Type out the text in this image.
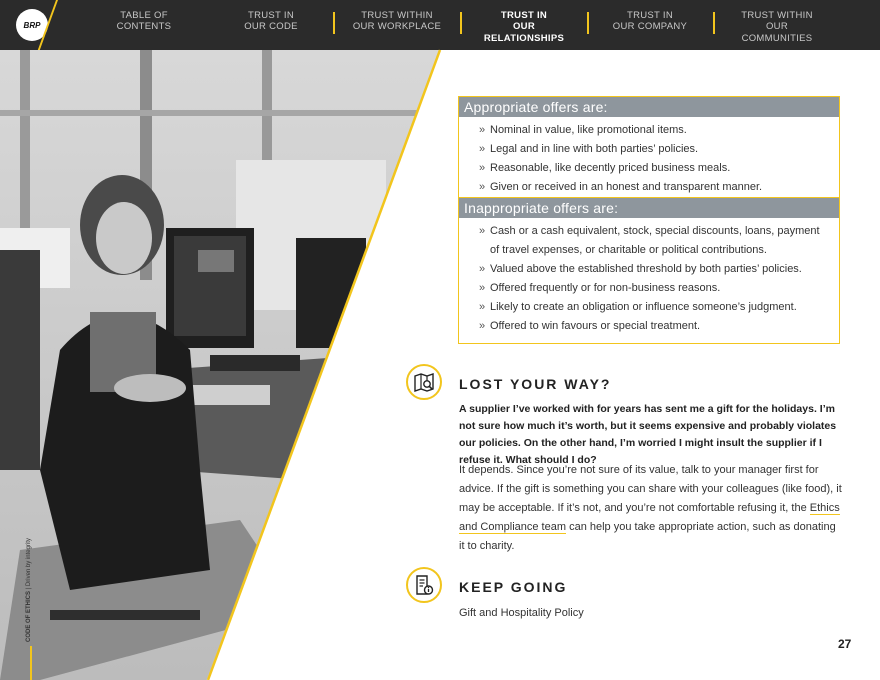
BRP
TABLE OF
CONTENTS
TRUST IN
OUR CODE
TRUST WITHIN
OUR WORKPLACE
TRUST IN
OUR RELATIONSHIPS
TRUST IN
OUR COMPANY
TRUST WITHIN
OUR COMMUNITIES
CODE OF ETHICS | Driven by integrity
Appropriate offers are:
» Nominal in value, like promotional items.
» Legal and in line with both parties’ policies.
» Reasonable, like decently priced business meals.
» Given or received in an honest and transparent manner.
Inappropriate offers are:
» Cash or a cash equivalent, stock, special discounts, loans, payment of travel expenses, or charitable or political contributions.
» Valued above the established threshold by both parties’ policies.
» Offered frequently or for non-business reasons.
» Likely to create an obligation or influence someone’s judgment.
» Offered to win favours or special treatment.
LOST YOUR WAY?
A supplier I’ve worked with for years has sent me a gift for the holidays. I’m not sure how much it’s worth, but it seems expensive and probably violates our policies. On the other hand, I’m worried I might insult the supplier if I refuse it. What should I do?
It depends. Since you’re not sure of its value, talk to your manager first for advice. If the gift is something you can share with your colleagues (like food), it may be acceptable. If it’s not, and you’re not comfortable refusing it, the Ethics and Compliance team can help you take appropriate action, such as donating it to charity.
KEEP GOING
Gift and Hospitality Policy
27
